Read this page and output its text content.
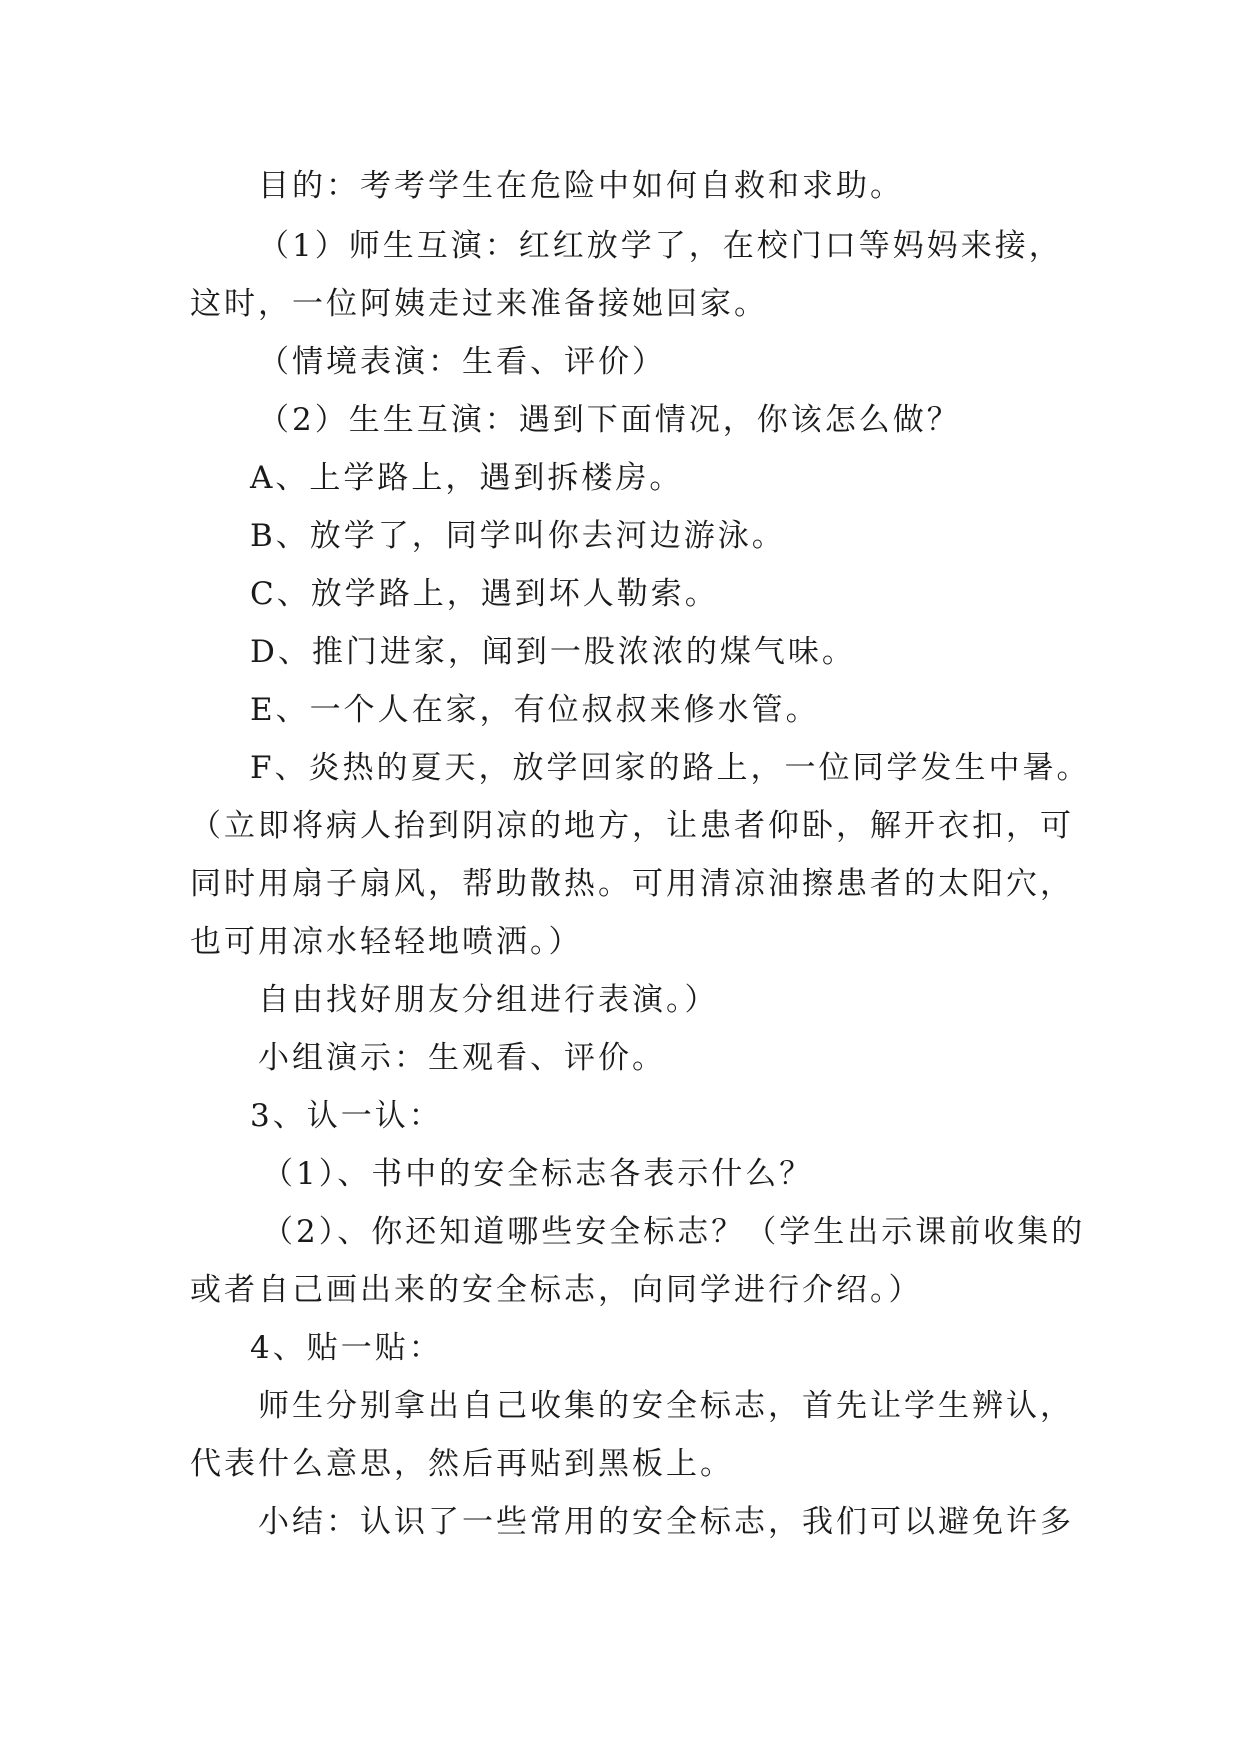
目的：考考学生在危险中如何自救和求助。
（1）师生互演：红红放学了，在校门口等妈妈来接，
这时，一位阿姨走过来准备接她回家。
（情境表演：生看、评价）
（2）生生互演：遇到下面情况，你该怎么做？
A、上学路上，遇到拆楼房。
B、放学了，同学叫你去河边游泳。
C、放学路上，遇到坏人勒索。
D、推门进家，闻到一股浓浓的煤气味。
E、一个人在家，有位叔叔来修水管。
F、炎热的夏天，放学回家的路上，一位同学发生中暑。
（立即将病人抬到阴凉的地方，让患者仰卧，解开衣扣，可
同时用扇子扇风，帮助散热。可用清凉油擦患者的太阳穴，
也可用凉水轻轻地喷洒。）
自由找好朋友分组进行表演。）
小组演示：生观看、评价。
3、认一认：
（1）、书中的安全标志各表示什么？
（2）、你还知道哪些安全标志？（学生出示课前收集的
或者自己画出来的安全标志，向同学进行介绍。）
4、贴一贴：
师生分别拿出自己收集的安全标志，首先让学生辨认，
代表什么意思，然后再贴到黑板上。
小结：认识了一些常用的安全标志，我们可以避免许多
